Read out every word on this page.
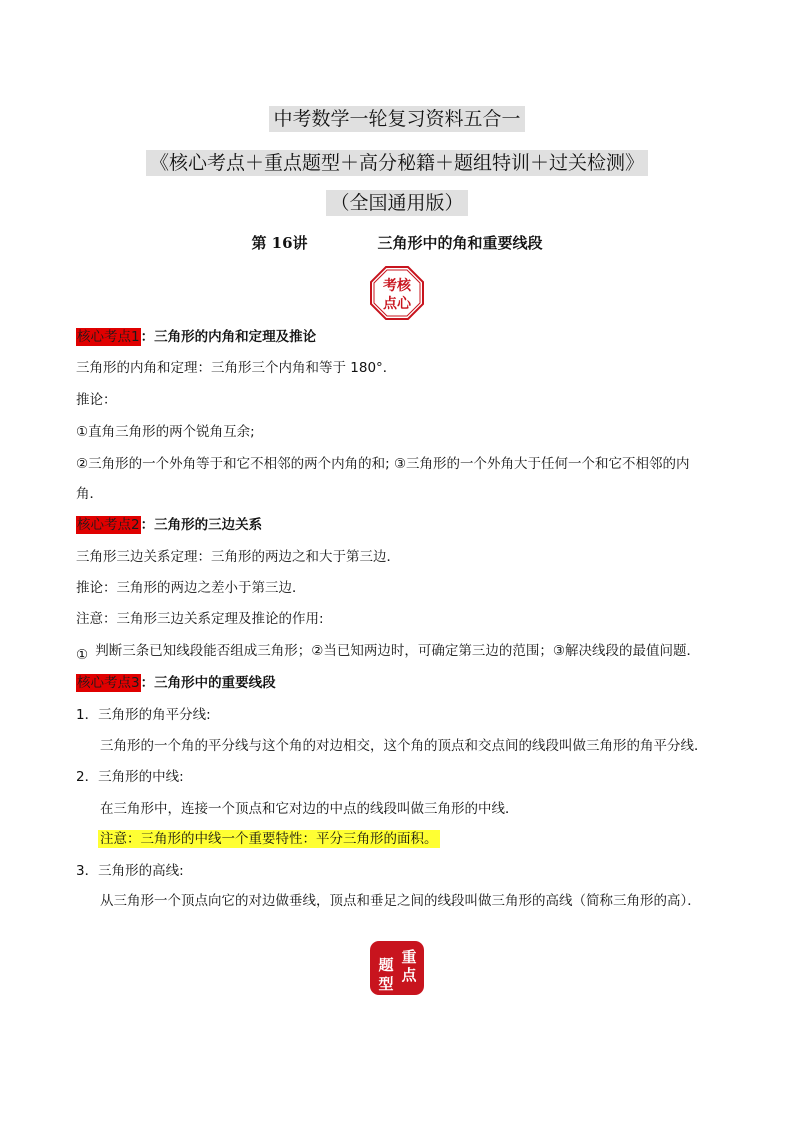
中考数学一轮复习资料五合一
《核心考点＋重点题型＋高分秘籍＋题组特训＋过关检测》
（全国通用版）
第 16讲	三角形中的角和重要线段
考核
点心
核心考点1：三角形的内角和定理及推论
三角形的内角和定理：三角形三个内角和等于 180°．
推论：
①直角三角形的两个锐角互余;
②三角形的一个外角等于和它不相邻的两个内角的和; ③三角形的一个外角大于任何一个和它不相邻的内
角．
核心考点2：三角形的三边关系
三角形三边关系定理：三角形的两边之和大于第三边．
推论：三角形的两边之差小于第三边．
注意：三角形三边关系定理及推论的作用:
① 判断三条已知线段能否组成三角形；②当已知两边时，可确定第三边的范围；③解决线段的最值问题．
核心考点3：三角形中的重要线段
1．三角形的角平分线:
三角形的一个角的平分线与这个角的对边相交，这个角的顶点和交点间的线段叫做三角形的角平分线．
2．三角形的中线:
在三角形中，连接一个顶点和它对边的中点的线段叫做三角形的中线．
注意：三角形的中线一个重要特性：平分三角形的面积。
3．三角形的高线:
从三角形一个顶点向它的对边做垂线，顶点和垂足之间的线段叫做三角形的高线（简称三角形的高）．
重
点
题
型
